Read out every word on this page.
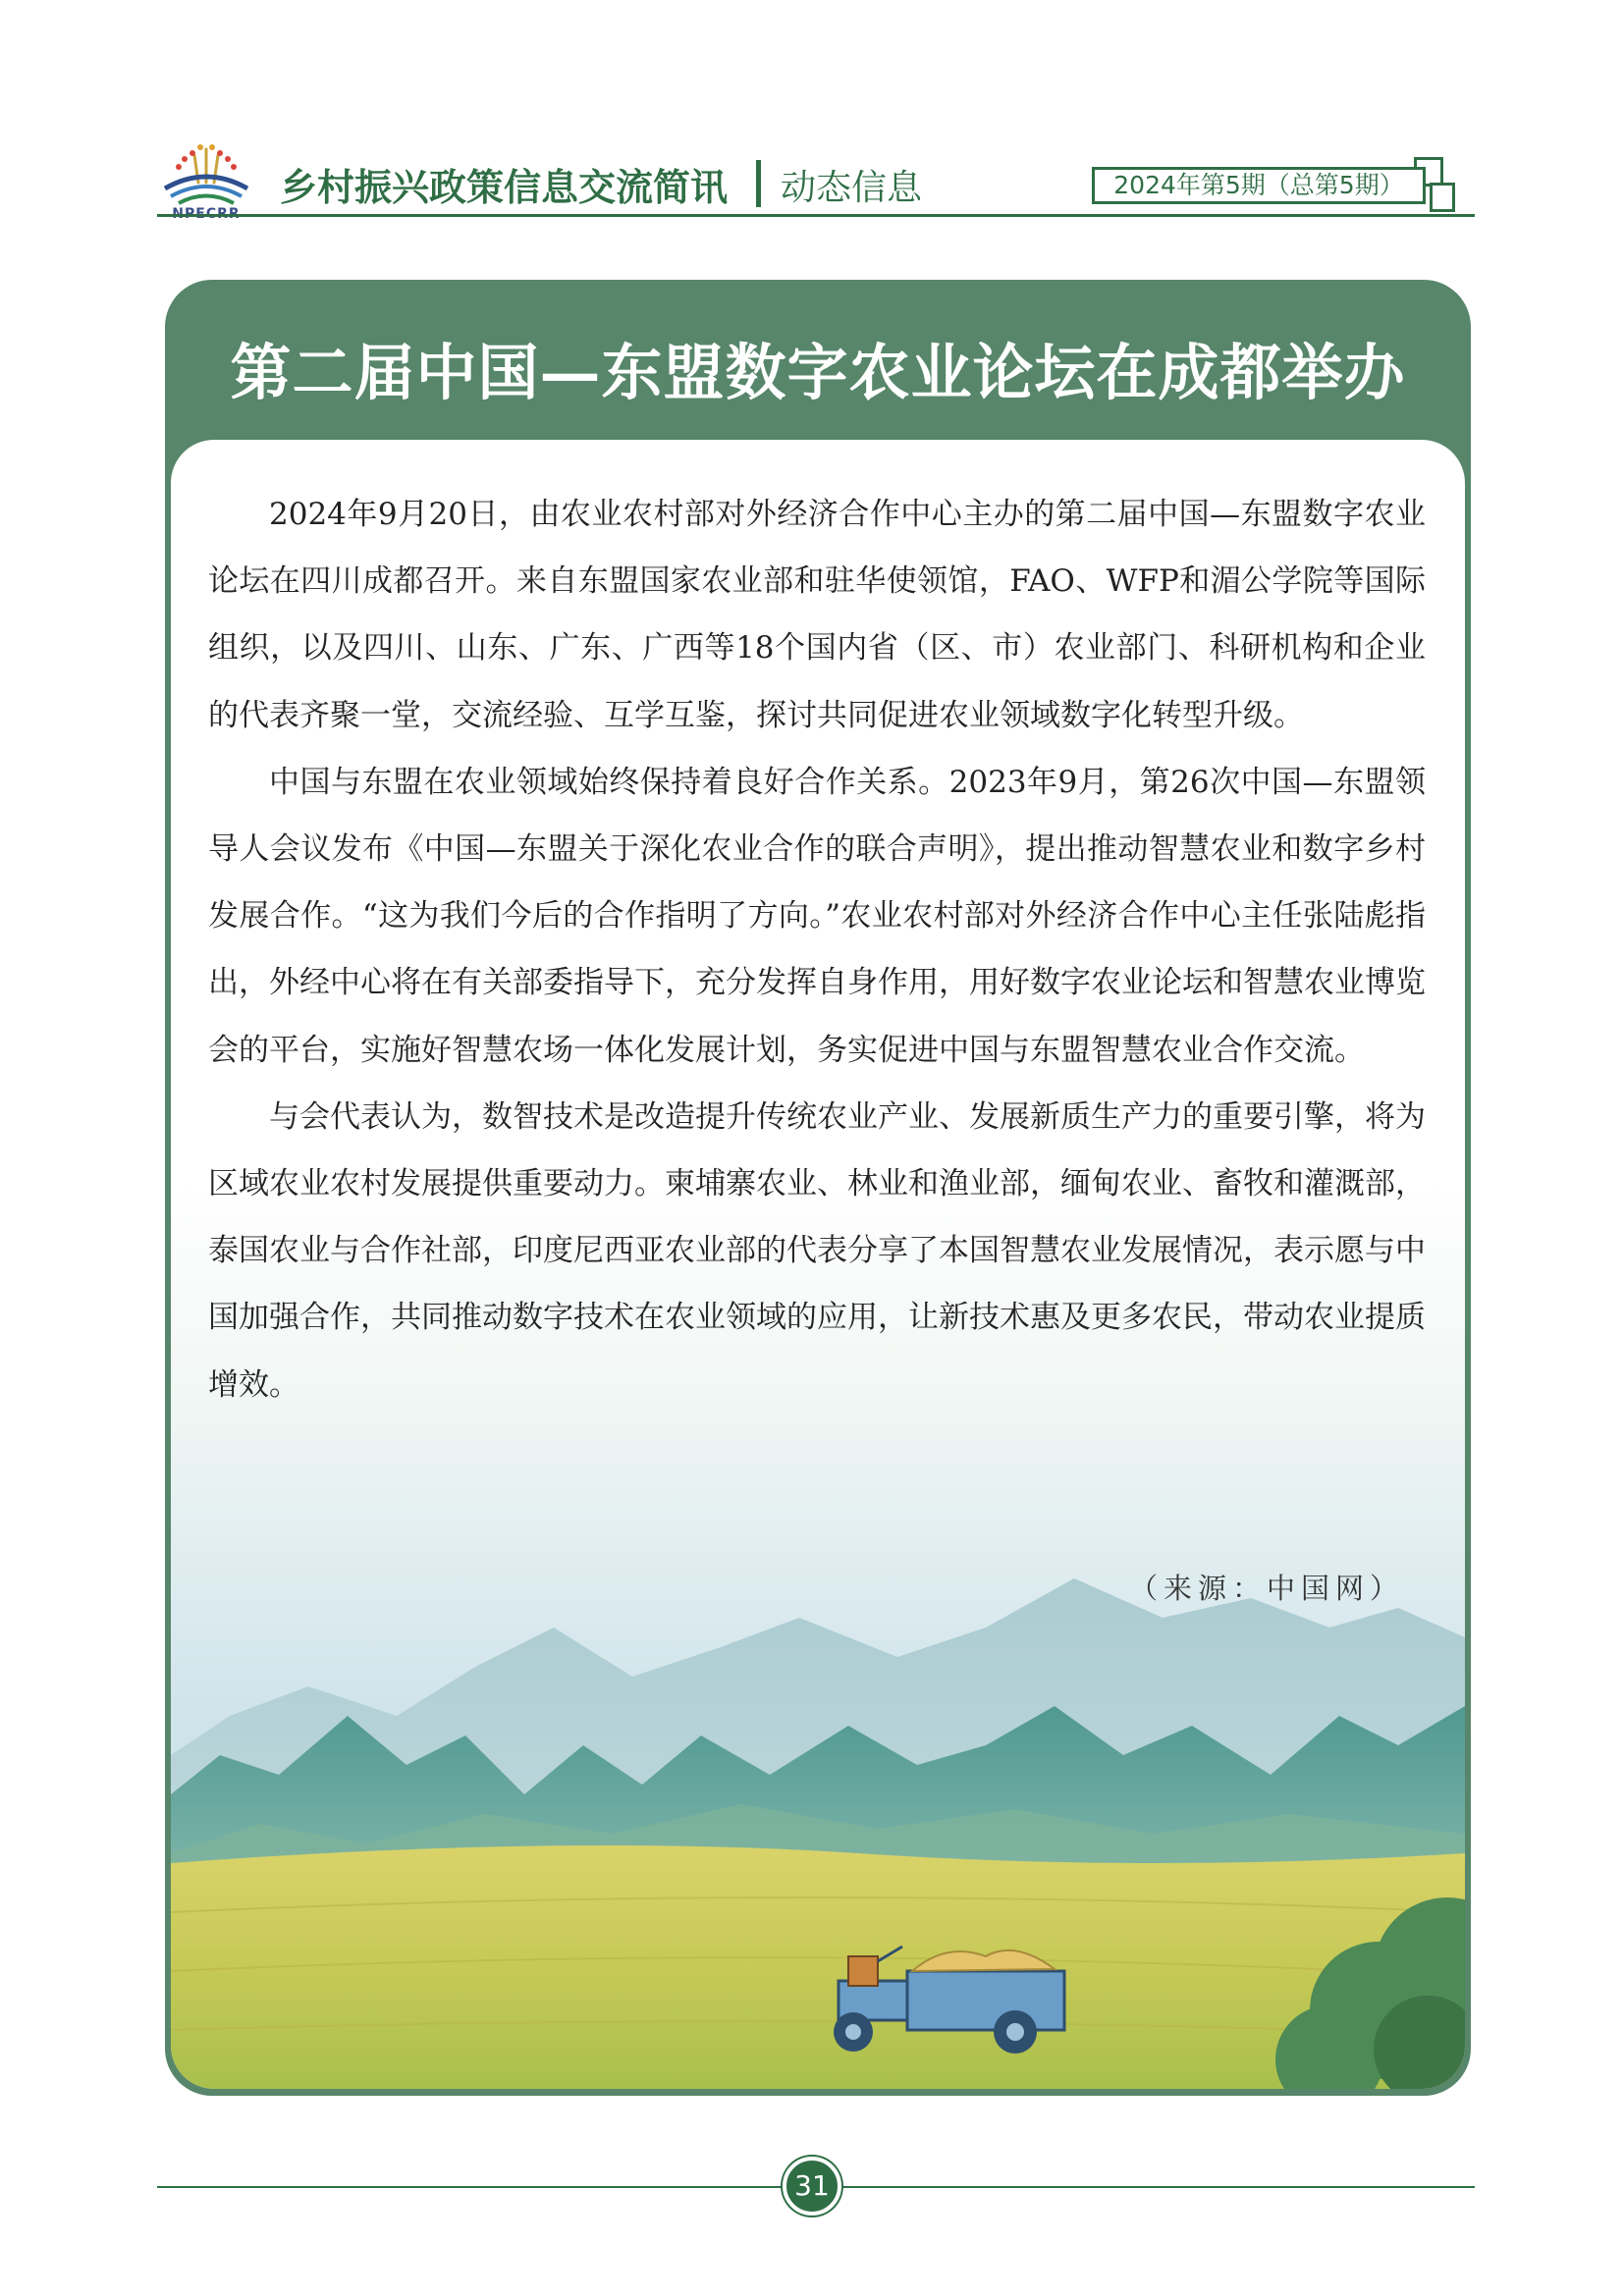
乡村振兴政策信息交流简讯 动态信息	2024年第5期（总第5期）
第二届中国—东盟数字农业论坛在成都举办

2024年9月20日，由农业农村部对外经济合作中心主办的第二届中国—东盟数字农业论坛在四川成都召开。来自东盟国家农业部和驻华使领馆，FAO、WFP和湄公学院等国际组织，以及四川、山东、广东、广西等18个国内省（区、市）农业部门、科研机构和企业的代表齐聚一堂，交流经验、互学互鉴，探讨共同促进农业领域数字化转型升级。

中国与东盟在农业领域始终保持着良好合作关系。2023年9月，第26次中国—东盟领导人会议发布《中国—东盟关于深化农业合作的联合声明》，提出推动智慧农业和数字乡村发展合作。“这为我们今后的合作指明了方向。”农业农村部对外经济合作中心主任张陆彪指出，外经中心将在有关部委指导下，充分发挥自身作用，用好数字农业论坛和智慧农业博览会的平台，实施好智慧农场一体化发展计划，务实促进中国与东盟智慧农业合作交流。

与会代表认为，数智技术是改造提升传统农业产业、发展新质生产力的重要引擎，将为区域农业农村发展提供重要动力。柬埔寨农业、林业和渔业部，缅甸农业、畜牧和灌溉部，泰国农业与合作社部，印度尼西亚农业部的代表分享了本国智慧农业发展情况，表示愿与中国加强合作，共同推动数字技术在农业领域的应用，让新技术惠及更多农民，带动农业提质增效。

（来源：中国网）
31
